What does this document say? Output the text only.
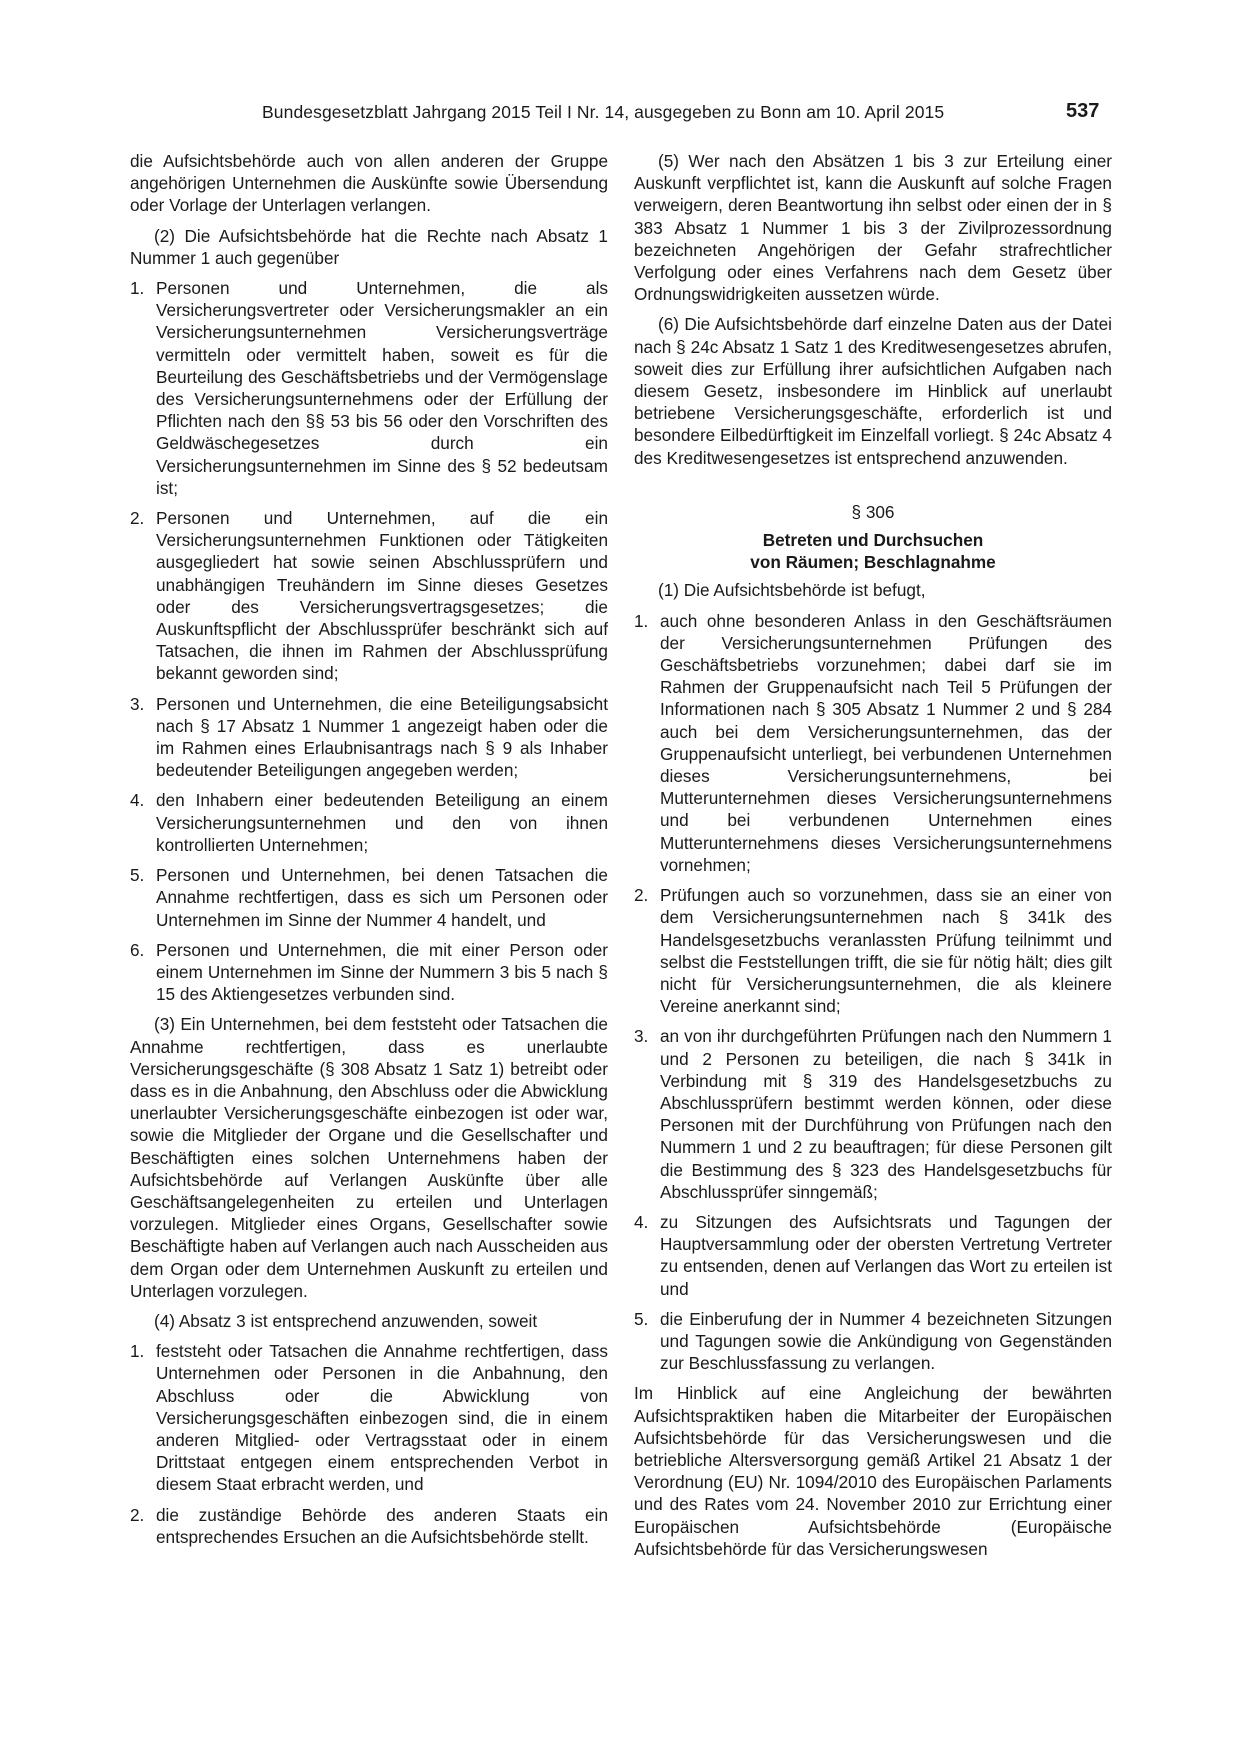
Bundesgesetzblatt Jahrgang 2015 Teil I Nr. 14, ausgegeben zu Bonn am 10. April 2015	537

die Aufsichtsbehörde auch von allen anderen der Gruppe angehörigen Unternehmen die Auskünfte sowie Übersendung oder Vorlage der Unterlagen verlangen.

(2) Die Aufsichtsbehörde hat die Rechte nach Absatz 1 Nummer 1 auch gegenüber

1. Personen und Unternehmen, die als Versicherungsvertreter oder Versicherungsmakler an ein Versicherungsunternehmen Versicherungsverträge vermitteln oder vermittelt haben, soweit es für die Beurteilung des Geschäftsbetriebs und der Vermögenslage des Versicherungsunternehmens oder der Erfüllung der Pflichten nach den §§ 53 bis 56 oder den Vorschriften des Geldwäschegesetzes durch ein Versicherungsunternehmen im Sinne des § 52 bedeutsam ist;
2. Personen und Unternehmen, auf die ein Versicherungsunternehmen Funktionen oder Tätigkeiten ausgegliedert hat sowie seinen Abschlussprüfern und unabhängigen Treuhändern im Sinne dieses Gesetzes oder des Versicherungsvertragsgesetzes; die Auskunftspflicht der Abschlussprüfer beschränkt sich auf Tatsachen, die ihnen im Rahmen der Abschlussprüfung bekannt geworden sind;
3. Personen und Unternehmen, die eine Beteiligungsabsicht nach § 17 Absatz 1 Nummer 1 angezeigt haben oder die im Rahmen eines Erlaubnisantrags nach § 9 als Inhaber bedeutender Beteiligungen angegeben werden;
4. den Inhabern einer bedeutenden Beteiligung an einem Versicherungsunternehmen und den von ihnen kontrollierten Unternehmen;
5. Personen und Unternehmen, bei denen Tatsachen die Annahme rechtfertigen, dass es sich um Personen oder Unternehmen im Sinne der Nummer 4 handelt, und
6. Personen und Unternehmen, die mit einer Person oder einem Unternehmen im Sinne der Nummern 3 bis 5 nach § 15 des Aktiengesetzes verbunden sind.

(3) Ein Unternehmen, bei dem feststeht oder Tatsachen die Annahme rechtfertigen, dass es unerlaubte Versicherungsgeschäfte (§ 308 Absatz 1 Satz 1) betreibt oder dass es in die Anbahnung, den Abschluss oder die Abwicklung unerlaubter Versicherungsgeschäfte einbezogen ist oder war, sowie die Mitglieder der Organe und die Gesellschafter und Beschäftigten eines solchen Unternehmens haben der Aufsichtsbehörde auf Verlangen Auskünfte über alle Geschäftsangelegenheiten zu erteilen und Unterlagen vorzulegen. Mitglieder eines Organs, Gesellschafter sowie Beschäftigte haben auf Verlangen auch nach Ausscheiden aus dem Organ oder dem Unternehmen Auskunft zu erteilen und Unterlagen vorzulegen.

(4) Absatz 3 ist entsprechend anzuwenden, soweit

1. feststeht oder Tatsachen die Annahme rechtfertigen, dass Unternehmen oder Personen in die Anbahnung, den Abschluss oder die Abwicklung von Versicherungsgeschäften einbezogen sind, die in einem anderen Mitglied- oder Vertragsstaat oder in einem Drittstaat entgegen einem entsprechenden Verbot in diesem Staat erbracht werden, und
2. die zuständige Behörde des anderen Staats ein entsprechendes Ersuchen an die Aufsichtsbehörde stellt.

(5) Wer nach den Absätzen 1 bis 3 zur Erteilung einer Auskunft verpflichtet ist, kann die Auskunft auf solche Fragen verweigern, deren Beantwortung ihn selbst oder einen der in § 383 Absatz 1 Nummer 1 bis 3 der Zivilprozessordnung bezeichneten Angehörigen der Gefahr strafrechtlicher Verfolgung oder eines Verfahrens nach dem Gesetz über Ordnungswidrigkeiten aussetzen würde.

(6) Die Aufsichtsbehörde darf einzelne Daten aus der Datei nach § 24c Absatz 1 Satz 1 des Kreditwesengesetzes abrufen, soweit dies zur Erfüllung ihrer aufsichtlichen Aufgaben nach diesem Gesetz, insbesondere im Hinblick auf unerlaubt betriebene Versicherungsgeschäfte, erforderlich ist und besondere Eilbedürftigkeit im Einzelfall vorliegt. § 24c Absatz 4 des Kreditwesengesetzes ist entsprechend anzuwenden.

§ 306
Betreten und Durchsuchen
von Räumen; Beschlagnahme

(1) Die Aufsichtsbehörde ist befugt,

1. auch ohne besonderen Anlass in den Geschäftsräumen der Versicherungsunternehmen Prüfungen des Geschäftsbetriebs vorzunehmen; dabei darf sie im Rahmen der Gruppenaufsicht nach Teil 5 Prüfungen der Informationen nach § 305 Absatz 1 Nummer 2 und § 284 auch bei dem Versicherungsunternehmen, das der Gruppenaufsicht unterliegt, bei verbundenen Unternehmen dieses Versicherungsunternehmens, bei Mutterunternehmen dieses Versicherungsunternehmens und bei verbundenen Unternehmen eines Mutterunternehmens dieses Versicherungsunternehmens vornehmen;
2. Prüfungen auch so vorzunehmen, dass sie an einer von dem Versicherungsunternehmen nach § 341k des Handelsgesetzbuchs veranlassten Prüfung teilnimmt und selbst die Feststellungen trifft, die sie für nötig hält; dies gilt nicht für Versicherungsunternehmen, die als kleinere Vereine anerkannt sind;
3. an von ihr durchgeführten Prüfungen nach den Nummern 1 und 2 Personen zu beteiligen, die nach § 341k in Verbindung mit § 319 des Handelsgesetzbuchs zu Abschlussprüfern bestimmt werden können, oder diese Personen mit der Durchführung von Prüfungen nach den Nummern 1 und 2 zu beauftragen; für diese Personen gilt die Bestimmung des § 323 des Handelsgesetzbuchs für Abschlussprüfer sinngemäß;
4. zu Sitzungen des Aufsichtsrats und Tagungen der Hauptversammlung oder der obersten Vertretung Vertreter zu entsenden, denen auf Verlangen das Wort zu erteilen ist und
5. die Einberufung der in Nummer 4 bezeichneten Sitzungen und Tagungen sowie die Ankündigung von Gegenständen zur Beschlussfassung zu verlangen.

Im Hinblick auf eine Angleichung der bewährten Aufsichtspraktiken haben die Mitarbeiter der Europäischen Aufsichtsbehörde für das Versicherungswesen und die betriebliche Altersversorgung gemäß Artikel 21 Absatz 1 der Verordnung (EU) Nr. 1094/2010 des Europäischen Parlaments und des Rates vom 24. November 2010 zur Errichtung einer Europäischen Aufsichtsbehörde (Europäische Aufsichtsbehörde für das Versicherungswesen
